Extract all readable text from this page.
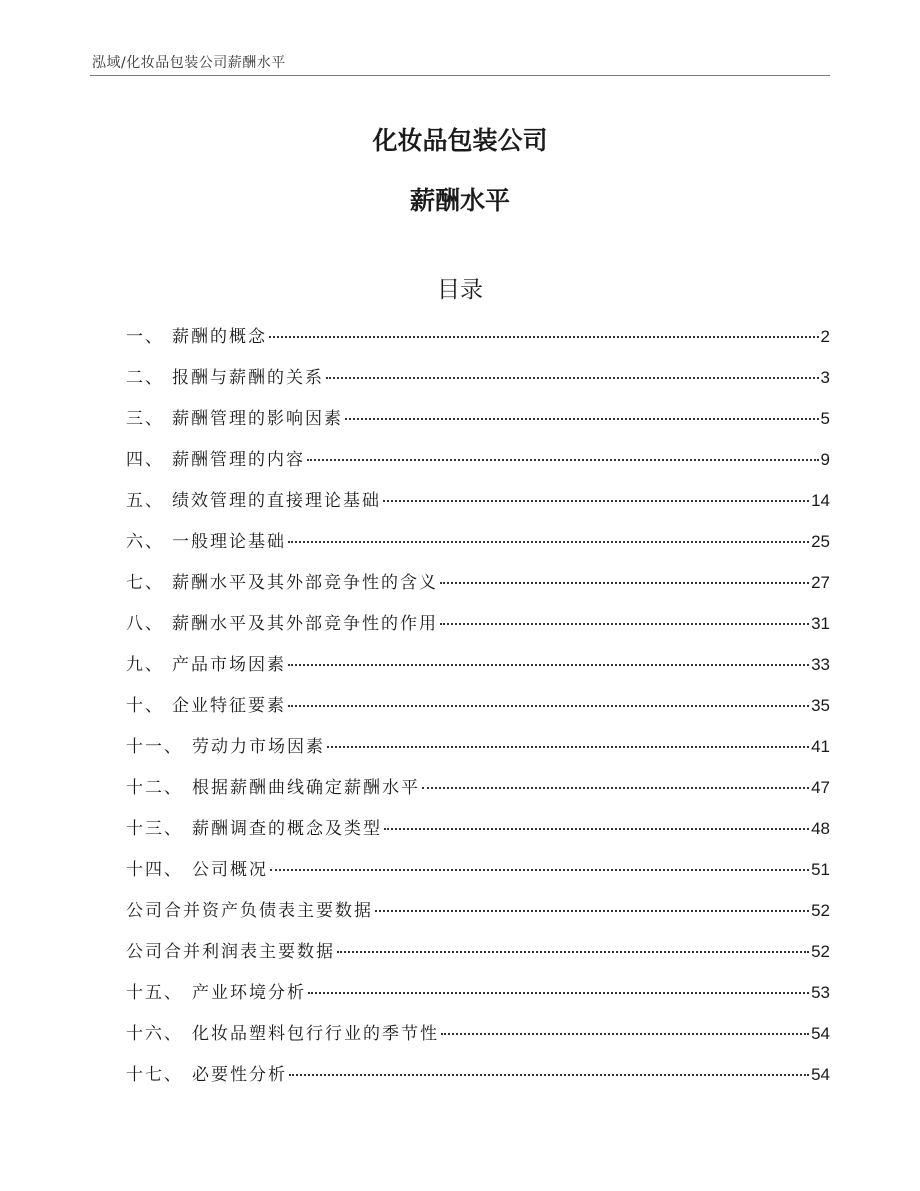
泓域/化妆品包装公司薪酬水平
化妆品包装公司
薪酬水平
目录
一、 薪酬的概念	2
二、 报酬与薪酬的关系	3
三、 薪酬管理的影响因素	5
四、 薪酬管理的内容	9
五、 绩效管理的直接理论基础	14
六、 一般理论基础	25
七、 薪酬水平及其外部竞争性的含义	27
八、 薪酬水平及其外部竞争性的作用	31
九、 产品市场因素	33
十、 企业特征要素	35
十一、 劳动力市场因素	41
十二、 根据薪酬曲线确定薪酬水平	47
十三、 薪酬调查的概念及类型	48
十四、 公司概况	51
公司合并资产负债表主要数据	52
公司合并利润表主要数据	52
十五、 产业环境分析	53
十六、 化妆品塑料包行行业的季节性	54
十七、 必要性分析	54
